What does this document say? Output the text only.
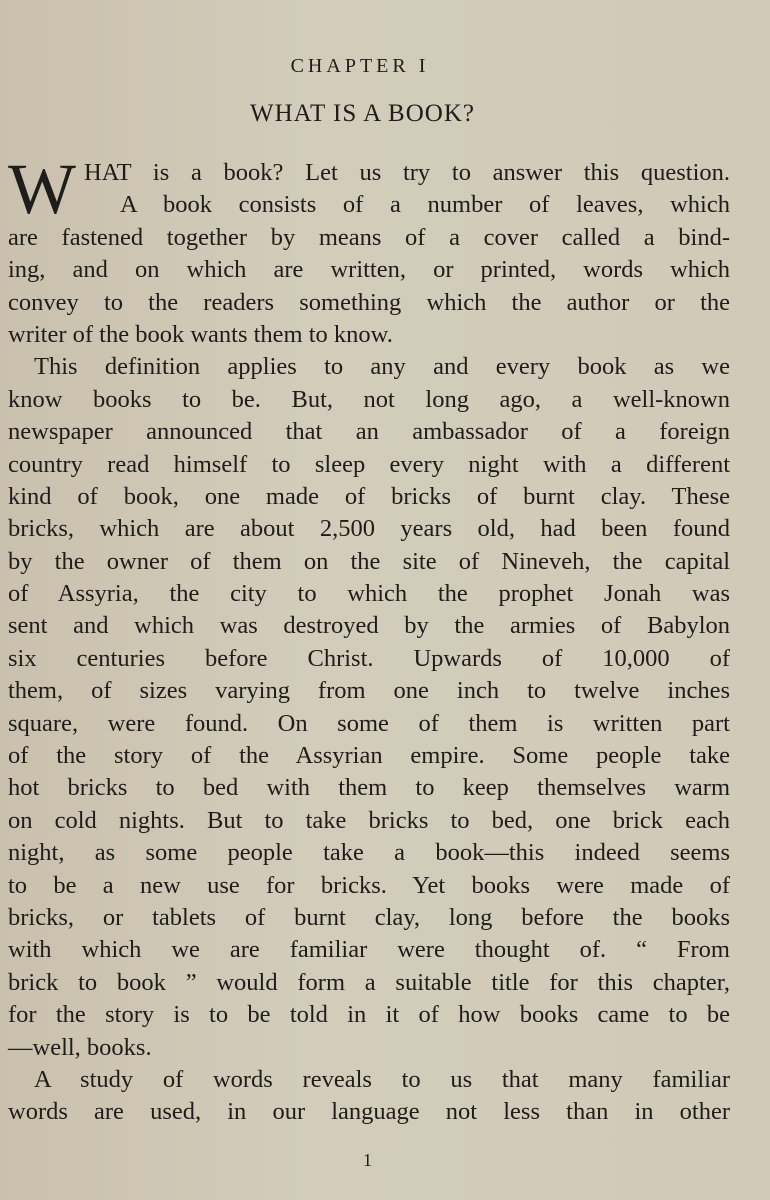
CHAPTER I
WHAT IS A BOOK?
W HAT is a book? Let us try to answer this question.
A book consists of a number of leaves, which
are fastened together by means of a cover called a bind-
ing, and on which are written, or printed, words which
convey to the readers something which the author or the
writer of the book wants them to know.
This definition applies to any and every book as we
know books to be. But, not long ago, a well-known
newspaper announced that an ambassador of a foreign
country read himself to sleep every night with a different
kind of book, one made of bricks of burnt clay. These
bricks, which are about 2,500 years old, had been found
by the owner of them on the site of Nineveh, the capital
of Assyria, the city to which the prophet Jonah was
sent and which was destroyed by the armies of Babylon
six centuries before Christ. Upwards of 10,000 of
them, of sizes varying from one inch to twelve inches
square, were found. On some of them is written part
of the story of the Assyrian empire. Some people take
hot bricks to bed with them to keep themselves warm
on cold nights. But to take bricks to bed, one brick each
night, as some people take a book—this indeed seems
to be a new use for bricks. Yet books were made of
bricks, or tablets of burnt clay, long before the books
with which we are familiar were thought of. “ From
brick to book ” would form a suitable title for this chapter,
for the story is to be told in it of how books came to be
—well, books.
A study of words reveals to us that many familiar
words are used, in our language not less than in other
1
